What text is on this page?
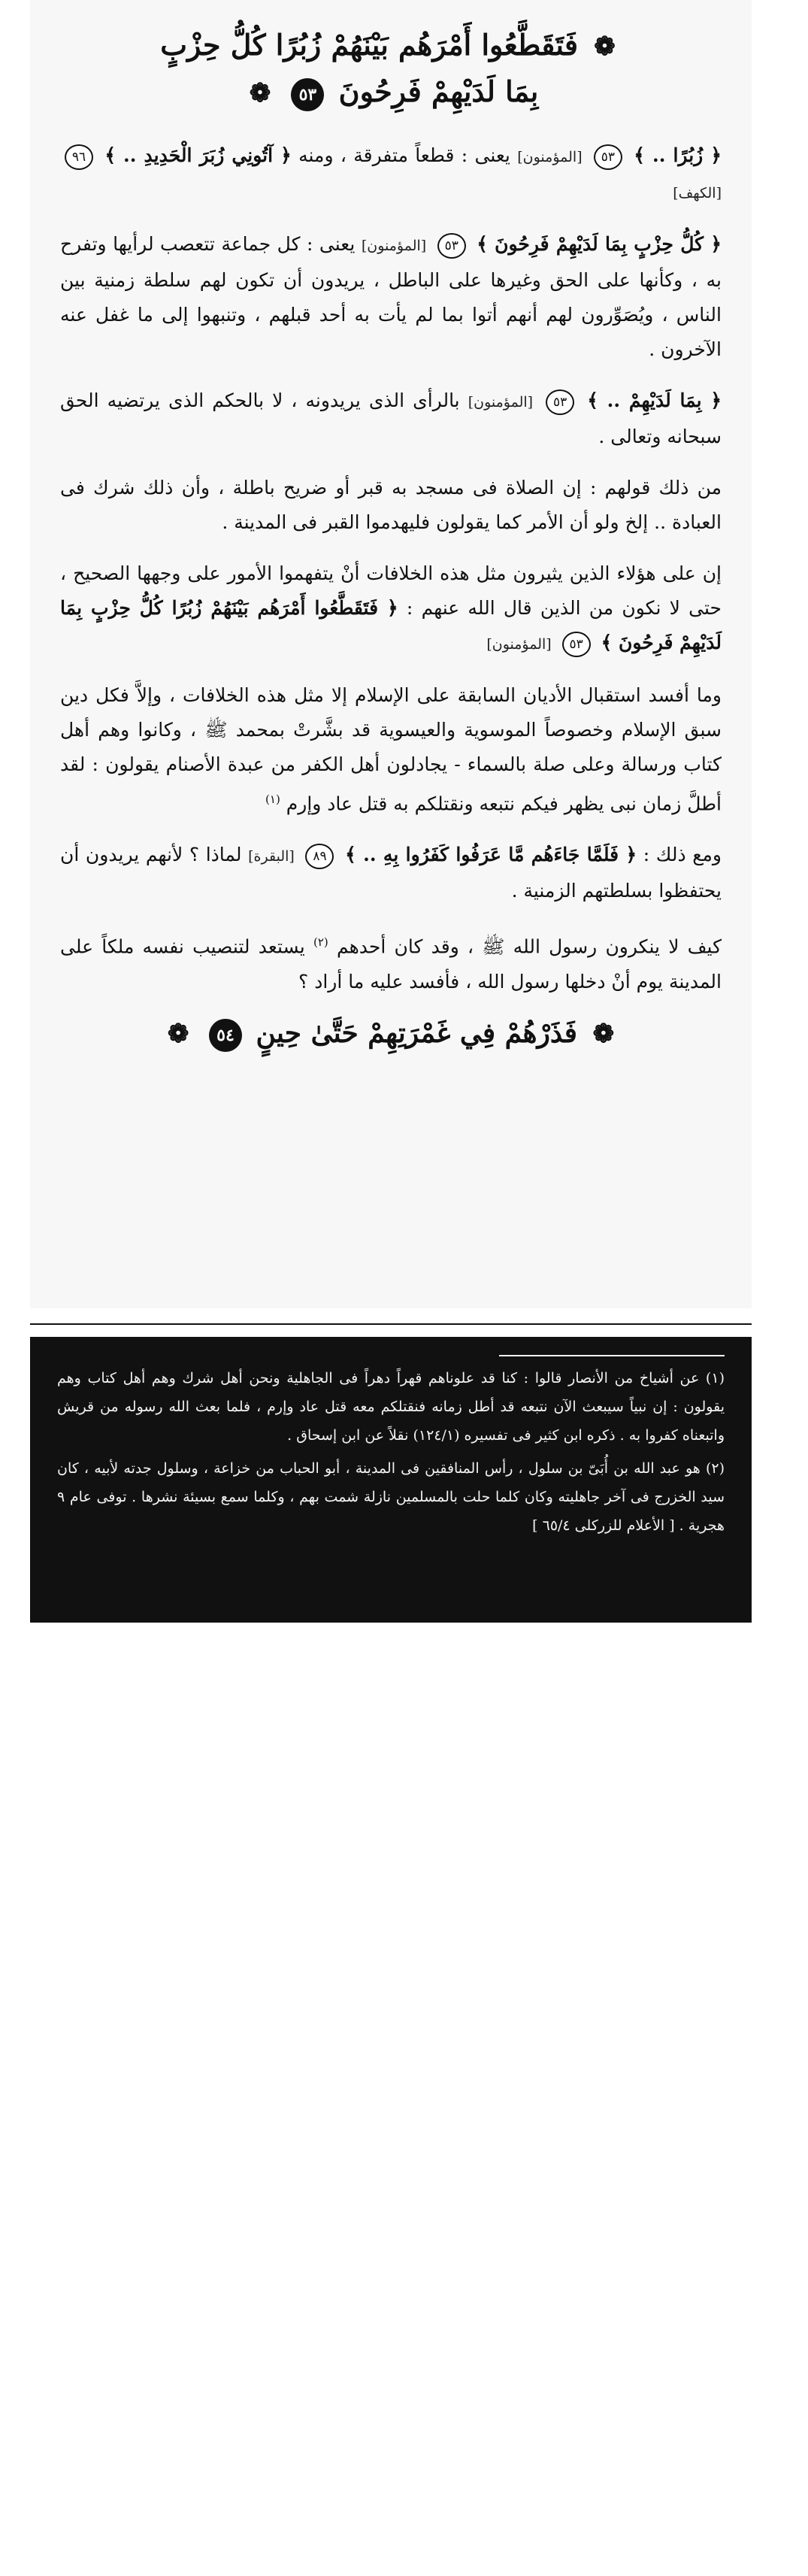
❁ فَتَقَطَّعُوا أَمْرَهُم بَيْنَهُمْ زُبُرًا كُلُّ حِزْبٍ
بِمَا لَدَيْهِمْ فَرِحُونَ ٥٣ ❁

﴿ زُبُرًا .. ﴾ ٥٣ [المؤمنون] يعنى : قطعاً متفرقة ، ومنه ﴿ آتُونِي زُبَرَ الْحَدِيدِ .. ﴾ ٩٦ [الكهف]

﴿ كُلُّ حِزْبٍ بِمَا لَدَيْهِمْ فَرِحُونَ ﴾ ٥٣ [المؤمنون] يعنى : كل جماعة تتعصب لرأيها وتفرح به ، وكأنها على الحق وغيرها على الباطل ، يريدون أن تكون لهم سلطة زمنية بين الناس ، ويُصَوِّرون لهم أنهم أتوا بما لم يأت به أحد قبلهم ، وتنبهوا إلى ما غفل عنه الآخرون .

﴿ بِمَا لَدَيْهِمْ .. ﴾ ٥٣ [المؤمنون] بالرأى الذى يريدونه ، لا بالحكم الذى يرتضيه الحق سبحانه وتعالى .

من ذلك قولهم : إن الصلاة فى مسجد به قبر أو ضريح باطلة ، وأن ذلك شرك فى العبادة .. إلخ ولو أن الأمر كما يقولون فليهدموا القبر فى المدينة .

إن على هؤلاء الذين يثيرون مثل هذه الخلافات أنْ يتفهموا الأمور على وجهها الصحيح ، حتى لا نكون من الذين قال الله عنهم : ﴿ فَتَقَطَّعُوا أَمْرَهُم بَيْنَهُمْ زُبُرًا كُلُّ حِزْبٍ بِمَا لَدَيْهِمْ فَرِحُونَ ﴾ ٥٣ [المؤمنون]

وما أفسد استقبال الأديان السابقة على الإسلام إلا مثل هذه الخلافات ، وإلاَّ فكل دين سبق الإسلام وخصوصاً الموسوية والعيسوية قد بشَّرتْ بمحمد ﷺ ، وكانوا وهم أهل كتاب ورسالة وعلى صلة بالسماء - يجادلون أهل الكفر من عبدة الأصنام يقولون : لقد أطلَّ زمان نبى يظهر فيكم نتبعه ونقتلكم به قتل عاد وإرم $^{(١)}$

ومع ذلك : ﴿ فَلَمَّا جَاءَهُم مَّا عَرَفُوا كَفَرُوا بِهِ .. ﴾ ٨٩ [البقرة] لماذا ؟ لأنهم يريدون أن يحتفظوا بسلطتهم الزمنية .

كيف لا ينكرون رسول الله ﷺ ، وقد كان أحدهم $^{(٢)}$ يستعد لتنصيب نفسه ملكاً على المدينة يوم أنْ دخلها رسول الله ، فأفسد عليه ما أراد ؟

❁ فَذَرْهُمْ فِي غَمْرَتِهِمْ حَتَّىٰ حِينٍ ٥٤ ❁

(١) عن أشياخ من الأنصار قالوا : كنا قد علوناهم قهراً دهراً فى الجاهلية ونحن أهل شرك وهم أهل كتاب وهم يقولون : إن نبياً سيبعث الآن نتبعه قد أطل زمانه فنقتلكم معه قتل عاد وإرم ، فلما بعث الله رسوله من قريش واتبعناه كفروا به . ذكره ابن كثير فى تفسيره (١٢٤/١) نقلاً عن ابن إسحاق .

(٢) هو عبد الله بن أُبَىّ بن سلول ، رأس المنافقين فى المدينة ، أبو الحباب من خزاعة ، وسلول جدته لأبيه ، كان سيد الخزرج فى آخر جاهليته وكان كلما حلت بالمسلمين نازلة شمت بهم ، وكلما سمع بسيئة نشرها . توفى عام ٩ هجرية . [ الأعلام للزركلى ٦٥/٤ ]
